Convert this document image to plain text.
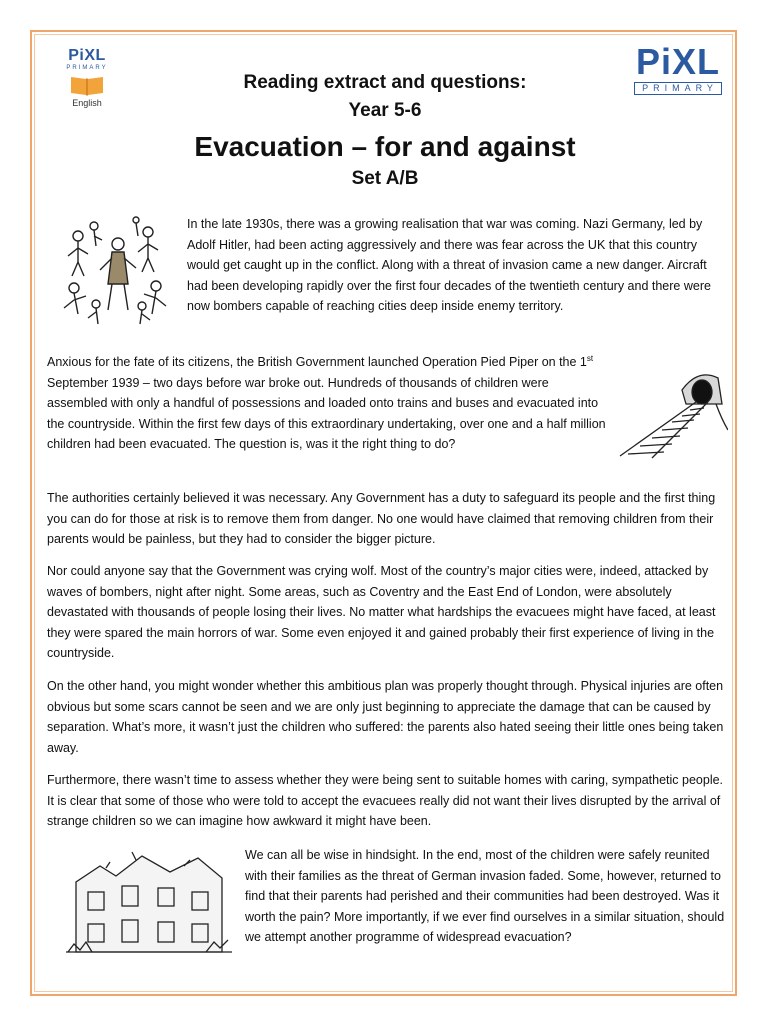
PiXL
PRIMARY
English
PiXL
PRIMARY
Reading extract and questions:
Year 5-6
Evacuation – for and against
Set A/B

In the late 1930s, there was a growing realisation that war was coming. Nazi Germany, led by Adolf Hitler, had been acting aggressively and there was fear across the UK that this country would get caught up in the conflict. Along with a threat of invasion came a new danger. Aircraft had been developing rapidly over the first four decades of the twentieth century and there were now bombers capable of reaching cities deep inside enemy territory.

Anxious for the fate of its citizens, the British Government launched Operation Pied Piper on the 1st September 1939 – two days before war broke out. Hundreds of thousands of children were assembled with only a handful of possessions and loaded onto trains and buses and evacuated into the countryside. Within the first few days of this extraordinary undertaking, over one and a half million children had been evacuated. The question is, was it the right thing to do?

The authorities certainly believed it was necessary. Any Government has a duty to safeguard its people and the first thing you can do for those at risk is to remove them from danger. No one would have claimed that removing children from their parents would be painless, but they had to consider the bigger picture.

Nor could anyone say that the Government was crying wolf. Most of the country’s major cities were, indeed, attacked by waves of bombers, night after night. Some areas, such as Coventry and the East End of London, were absolutely devastated with thousands of people losing their lives. No matter what hardships the evacuees might have faced, at least they were spared the main horrors of war. Some even enjoyed it and gained probably their first experience of living in the countryside.

On the other hand, you might wonder whether this ambitious plan was properly thought through. Physical injuries are often obvious but some scars cannot be seen and we are only just beginning to appreciate the damage that can be caused by separation. What’s more, it wasn’t just the children who suffered: the parents also hated seeing their little ones being taken away.

Furthermore, there wasn’t time to assess whether they were being sent to suitable homes with caring, sympathetic people. It is clear that some of those who were told to accept the evacuees really did not want their lives disrupted by the arrival of strange children so we can imagine how awkward it might have been.

We can all be wise in hindsight. In the end, most of the children were safely reunited with their families as the threat of German invasion faded. Some, however, returned to find that their parents had perished and their communities had been destroyed. Was it worth the pain? More importantly, if we ever find ourselves in a similar situation, should we attempt another programme of widespread evacuation?
